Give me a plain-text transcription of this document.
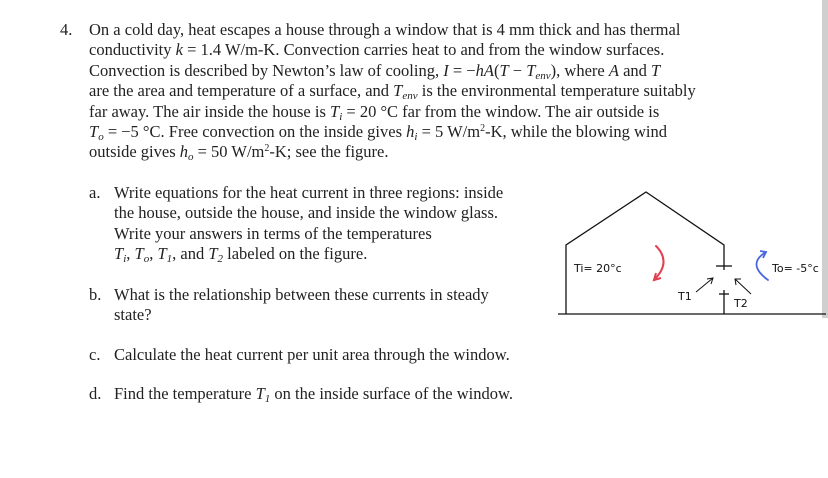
4. On a cold day, heat escapes a house through a window that is 4 mm thick and has thermal
conductivity k = 1.4 W/m-K. Convection carries heat to and from the window surfaces.
Convection is described by Newton’s law of cooling, $I = -hA(T - T_{env})$, where A and T
are the area and temperature of a surface, and $T_{env}$ is the environmental temperature suitably
far away. The air inside the house is $T_i = 20$ °C far from the window. The air outside is
$T_o = -5$ °C. Free convection on the inside gives $h_i = 5$ $W/m^2-K$, while the blowing wind
outside gives $h_o = 50$ $W/m^2-K$; see the figure.
a. Write equations for the heat current in three regions: inside
the house, outside the house, and inside the window glass.
Write your answers in terms of the temperatures
$T_i$, $T_o$, $T_1$, and $T_2$ labeled on the figure.
b. What is the relationship between these currents in steady
state?
c. Calculate the heat current per unit area through the window.
d. Find the temperature $T_1$ on the inside surface of the window.
Ti= 20°c	To= -5°c
T1
T2
